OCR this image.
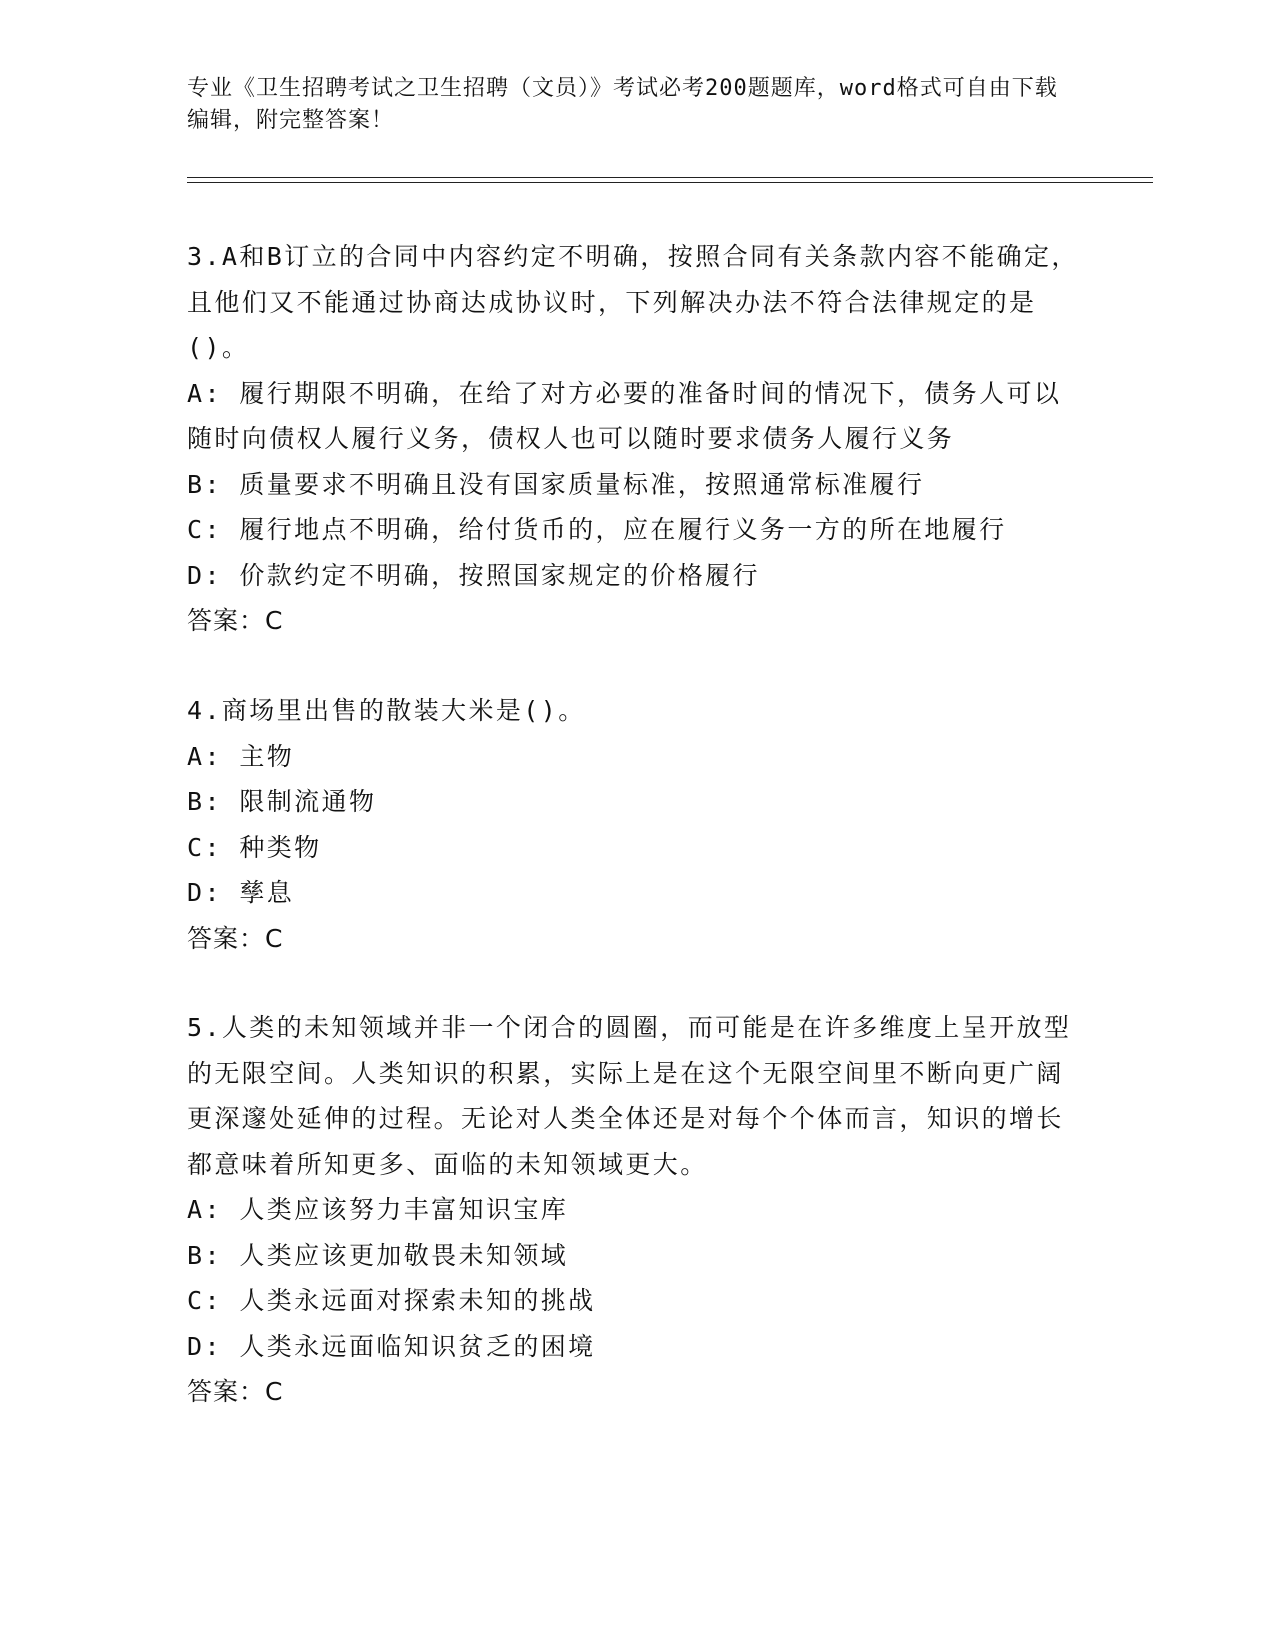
专业《卫生招聘考试之卫生招聘（文员）》考试必考200题题库，word格式可自由下载编辑，附完整答案！

3.A和B订立的合同中内容约定不明确，按照合同有关条款内容不能确定，且他们又不能通过协商达成协议时，下列解决办法不符合法律规定的是()。

A: 履行期限不明确，在给了对方必要的准备时间的情况下，债务人可以随时向债权人履行义务，债权人也可以随时要求债务人履行义务

B: 质量要求不明确且没有国家质量标准，按照通常标准履行

C: 履行地点不明确，给付货币的，应在履行义务一方的所在地履行

D: 价款约定不明确，按照国家规定的价格履行

答案：C

4.商场里出售的散装大米是()。

A: 主物

B: 限制流通物

C: 种类物

D: 孳息

答案：C

5.人类的未知领域并非一个闭合的圆圈，而可能是在许多维度上呈开放型的无限空间。人类知识的积累，实际上是在这个无限空间里不断向更广阔更深邃处延伸的过程。无论对人类全体还是对每个个体而言，知识的增长都意味着所知更多、面临的未知领域更大。

A: 人类应该努力丰富知识宝库

B: 人类应该更加敬畏未知领域

C: 人类永远面对探索未知的挑战

D: 人类永远面临知识贫乏的困境

答案：C
